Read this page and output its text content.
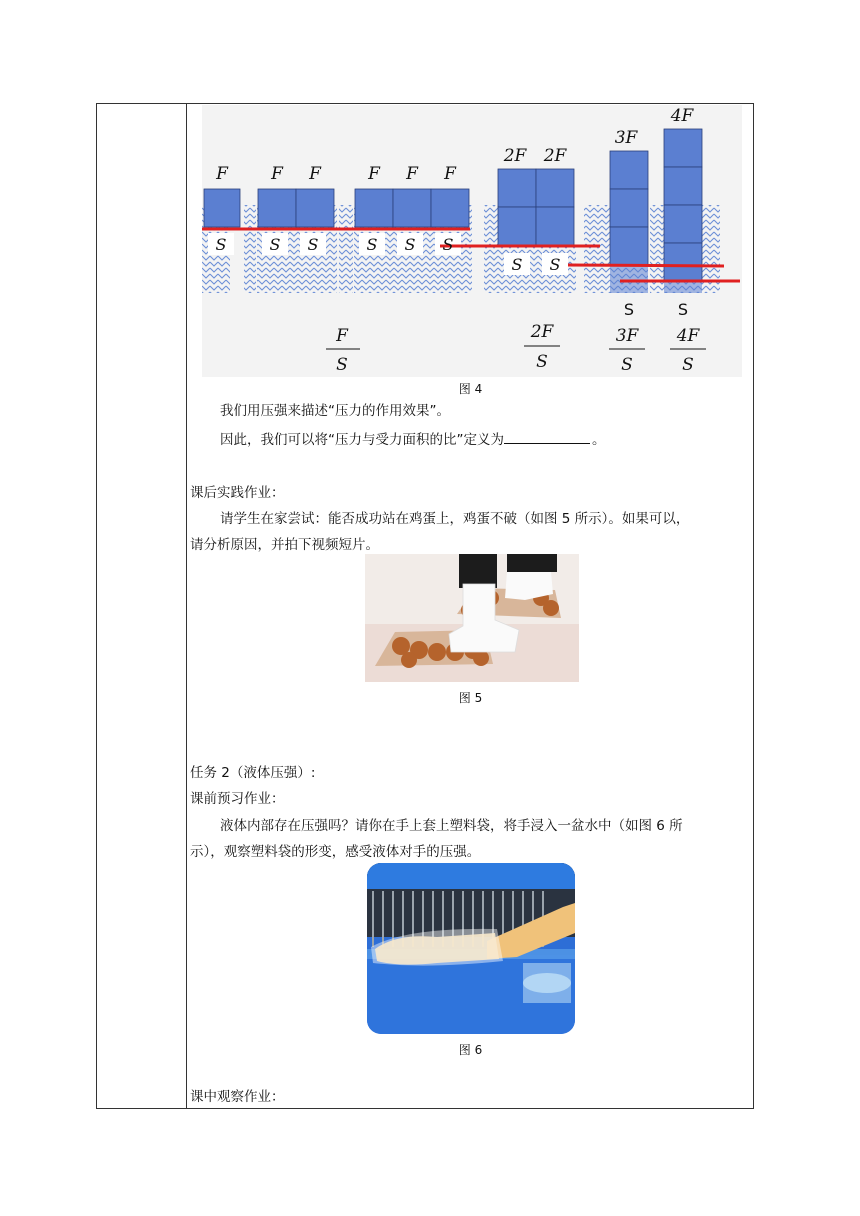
F	F F	F F F
2F 2F
3F
4F
S	S S	S S S
S S
S	S
F
S
2F
S
3F
S
4F
S
图 4
我们用压强来描述“压力的作用效果”。
因此，我们可以将“压力与受力面积的比”定义为	。
课后实践作业：
请学生在家尝试：能否成功站在鸡蛋上，鸡蛋不破（如图 5 所示）。如果可以，
请分析原因，并拍下视频短片。
图 5
任务 2（液体压强）:
课前预习作业：
液体内部存在压强吗？请你在手上套上塑料袋，将手浸入一盆水中（如图 6 所
示），观察塑料袋的形变，感受液体对手的压强。
图 6
课中观察作业：
